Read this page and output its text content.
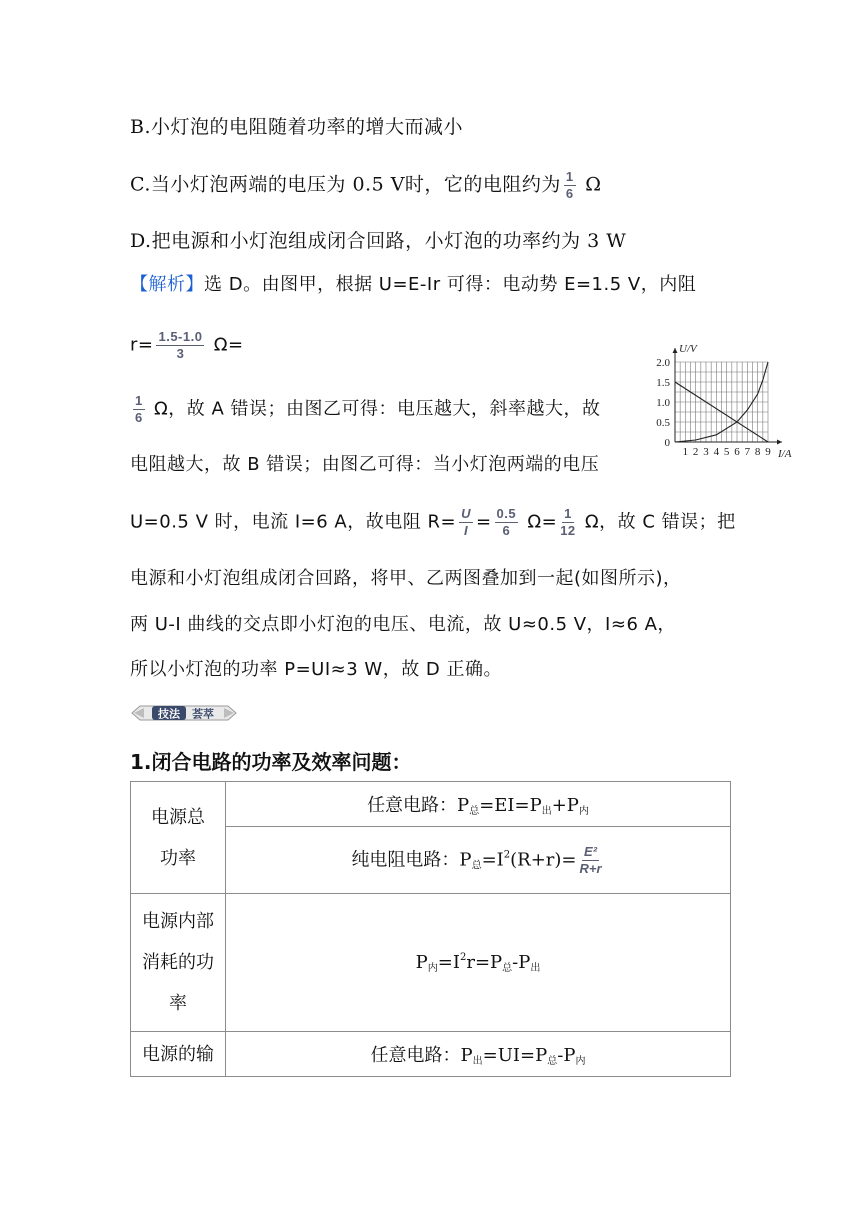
B.小灯泡的电阻随着功率的增大而减小
C.当小灯泡两端的电压为 0.5 V时，它的电阻约为 $\frac{1}{6}$ Ω
D.把电源和小灯泡组成闭合回路，小灯泡的功率约为 3 W
【解析】选 D。由图甲，根据 U=E-Ir 可得：电动势 E=1.5 V，内阻
$r= \frac{1.5-1.0}{3} \Omega=$
$\frac{1}{6}$ Ω，故 A 错误；由图乙可得：电压越大，斜率越大，故
电阻越大，故 B 错误；由图乙可得：当小灯泡两端的电压
U=0.5 V 时，电流 I=6 A，故电阻 $R= \frac{U}{I} = \frac{0.5}{6} \Omega= \frac{1}{12}$ Ω，故 C 错误；把
电源和小灯泡组成闭合回路，将甲、乙两图叠加到一起(如图所示)，
两 U-I 曲线的交点即小灯泡的电压、电流，故 U≈0.5 V，I≈6 A，
所以小灯泡的功率 P=UI≈3 W，故 D 正确。
1 2 3 4 5 6 7 8 9
0
0.5
1.0
1.5
2.0
I/A
U/V
技法 荟萃
1.闭合电路的功率及效率问题：
电源总
功率	任意电路：$P_总=EI=P_出+P_内$
	纯电阻电路：$P_总=I^2(R+r)= \frac{\text{E²}}{R+r}$

电源内部
消耗的功
率	$P_内=I^2r=P_总-P_出$

电源的输	任意电路：$P_出=UI=P_总-P_内$
